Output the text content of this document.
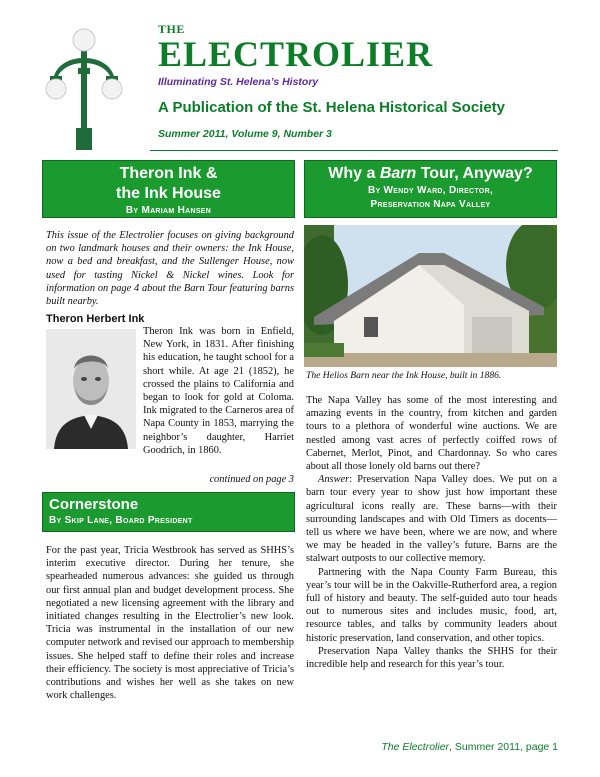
THE
ELECTROLIER
Illuminating St. Helena’s History
A Publication of the St. Helena Historical Society
Summer 2011, Volume 9, Number 3
Theron Ink &
the Ink House
By Mariam Hansen
This issue of the Electrolier focuses on giving background on two landmark houses and their owners: the Ink House, now a bed and breakfast, and the Sullenger House, now used for tasting Nickel & Nickel wines. Look for information on page 4 about the Barn Tour featuring barns built nearby.
Theron Herbert Ink
Theron Ink was born in Enfield, New York, in 1831. After finishing his education, he taught school for a short while. At age 21 (1852), he crossed the plains to California and began to look for gold at Coloma. Ink migrated to the Carneros area of Napa County in 1853, marrying the neighbor’s daughter, Harriet Goodrich, in 1860.
continued on page 3
Cornerstone
By Skip Lane, Board President
For the past year, Tricia Westbrook has served as SHHS’s interim executive director. During her tenure, she spearheaded numerous advances: she guided us through our first annual plan and budget development process. She negotiated a new licensing agreement with the library and initiated changes resulting in the Electrolier’s new look. Tricia was instrumental in the installation of our new computer network and revised our approach to membership issues. She helped staff to define their roles and increase their efficiency. The society is most appreciative of Tricia’s contributions and wishes her well as she takes on new work challenges.
Why a Barn Tour, Anyway?
By Wendy Ward, Director,
Preservation Napa Valley
The Helios Barn near the Ink House, built in 1886.

The Napa Valley has some of the most interesting and amazing events in the country, from kitchen and garden tours to a plethora of wonderful wine auctions. We are nestled among vast acres of perfectly coiffed rows of Cabernet, Merlot, Pinot, and Chardonnay. So who cares about all those lonely old barns out there?

Answer: Preservation Napa Valley does. We put on a barn tour every year to show just how important these agricultural icons really are. These barns—with their surrounding landscapes and with Old Timers as docents—tell us where we have been, where we are now, and where we may be headed in the valley’s future. Barns are the stalwart outposts to our collective memory.

Partnering with the Napa County Farm Bureau, this year’s tour will be in the Oakville-Rutherford area, a region full of history and beauty. The self-guided auto tour heads out to numerous sites and includes music, food, art, resource tables, and talks by community leaders about historic preservation, land conservation, and other topics.

Preservation Napa Valley thanks the SHHS for their incredible help and research for this year’s tour.

The Electrolier, Summer 2011, page 1
